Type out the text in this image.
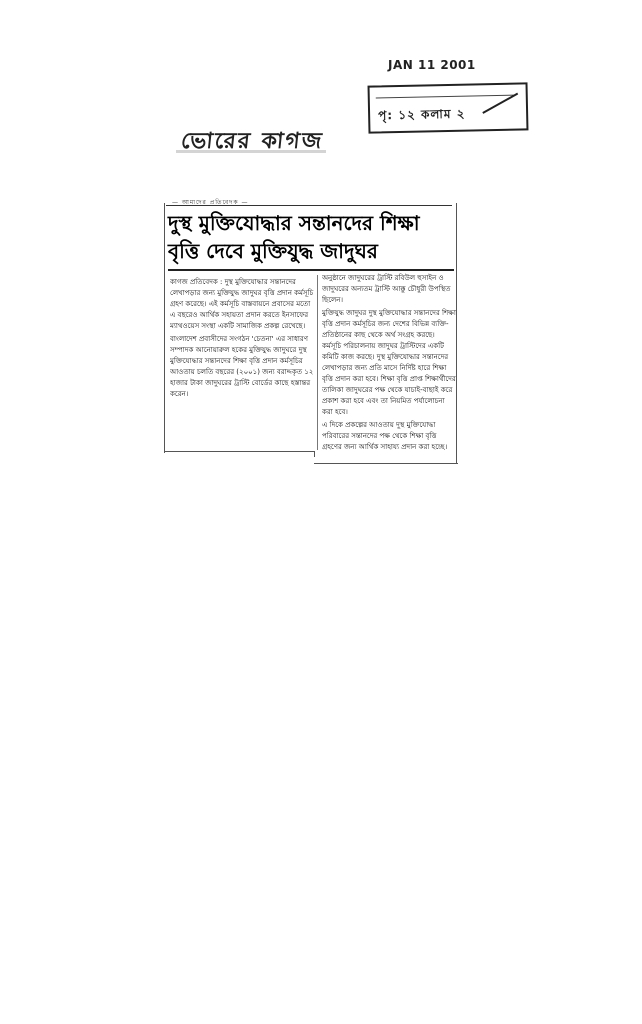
JAN 11 2001
পৃ: ১২ কলাম ২
ভোরের কাগজ
— আমাদের প্রতিবেদক —
দুস্থ মুক্তিযোদ্ধার সন্তানদের শিক্ষা
বৃত্তি দেবে মুক্তিযুদ্ধ জাদুঘর

কাগজ প্রতিবেদক : দুস্থ মুক্তিযোদ্ধার সন্তানদের লেখাপড়ার জন্য মুক্তিযুদ্ধ জাদুঘর বৃত্তি প্রদান কর্মসূচি গ্রহণ করেছে। এই কর্মসূচি বাস্তবায়নে প্রবাসের মতো এ বছরেও আর্থিক সহায়তা প্রদান করতে ইনসাফের ম্যাথওয়েস সংস্থা একটি সামাজিক প্রকল্প রেখেছে।

বাংলাদেশ প্রবাসীদের সংগঠন 'চেতনা' এর সাধারণ সম্পাদক আনোয়ারুল হকের মুক্তিযুদ্ধ জাদুঘরে দুস্থ মুক্তিযোদ্ধার সন্তানদের শিক্ষা বৃত্তি প্রদান কর্মসূচির আওতায় চলতি বছরের (২০০১) জন্য বরাদ্দকৃত ১২ হাজার টাকা জাদুঘরের ট্রাস্টি বোর্ডের কাছে হস্তান্তর করেন।

অনুষ্ঠানে জাদুঘরের ট্রাস্টি রবিউল হুসাইন ও জাদুঘরের অন্যতম ট্রাস্টি আক্কু চৌধুরী উপস্থিত ছিলেন।

মুক্তিযুদ্ধ জাদুঘর দুস্থ মুক্তিযোদ্ধার সন্তানদের শিক্ষা বৃত্তি প্রদান কর্মসূচির জন্য দেশের বিভিন্ন ব্যক্তি-প্রতিষ্ঠানের কাছ থেকে অর্থ সংগ্রহ করছে। কর্মসূচি পরিচালনায় জাদুঘর ট্রাস্টিদের একটি কমিটি কাজ করছে। দুস্থ মুক্তিযোদ্ধার সন্তানদের লেখাপড়ার জন্য প্রতি মাসে নির্দিষ্ট হারে শিক্ষা বৃত্তি প্রদান করা হবে। শিক্ষা বৃত্তি প্রাপ্ত শিক্ষার্থীদের তালিকা জাদুঘরের পক্ষ থেকে যাচাই-বাছাই করে প্রকাশ করা হবে এবং তা নিয়মিত পর্যালোচনা করা হবে।

এ দিকে প্রকল্পের আওতায় দুস্থ মুক্তিযোদ্ধা পরিবারের সন্তানদের পক্ষ থেকে শিক্ষা বৃত্তি গ্রহণের জন্য আর্থিক সাহায্য প্রদান করা হচ্ছে।
